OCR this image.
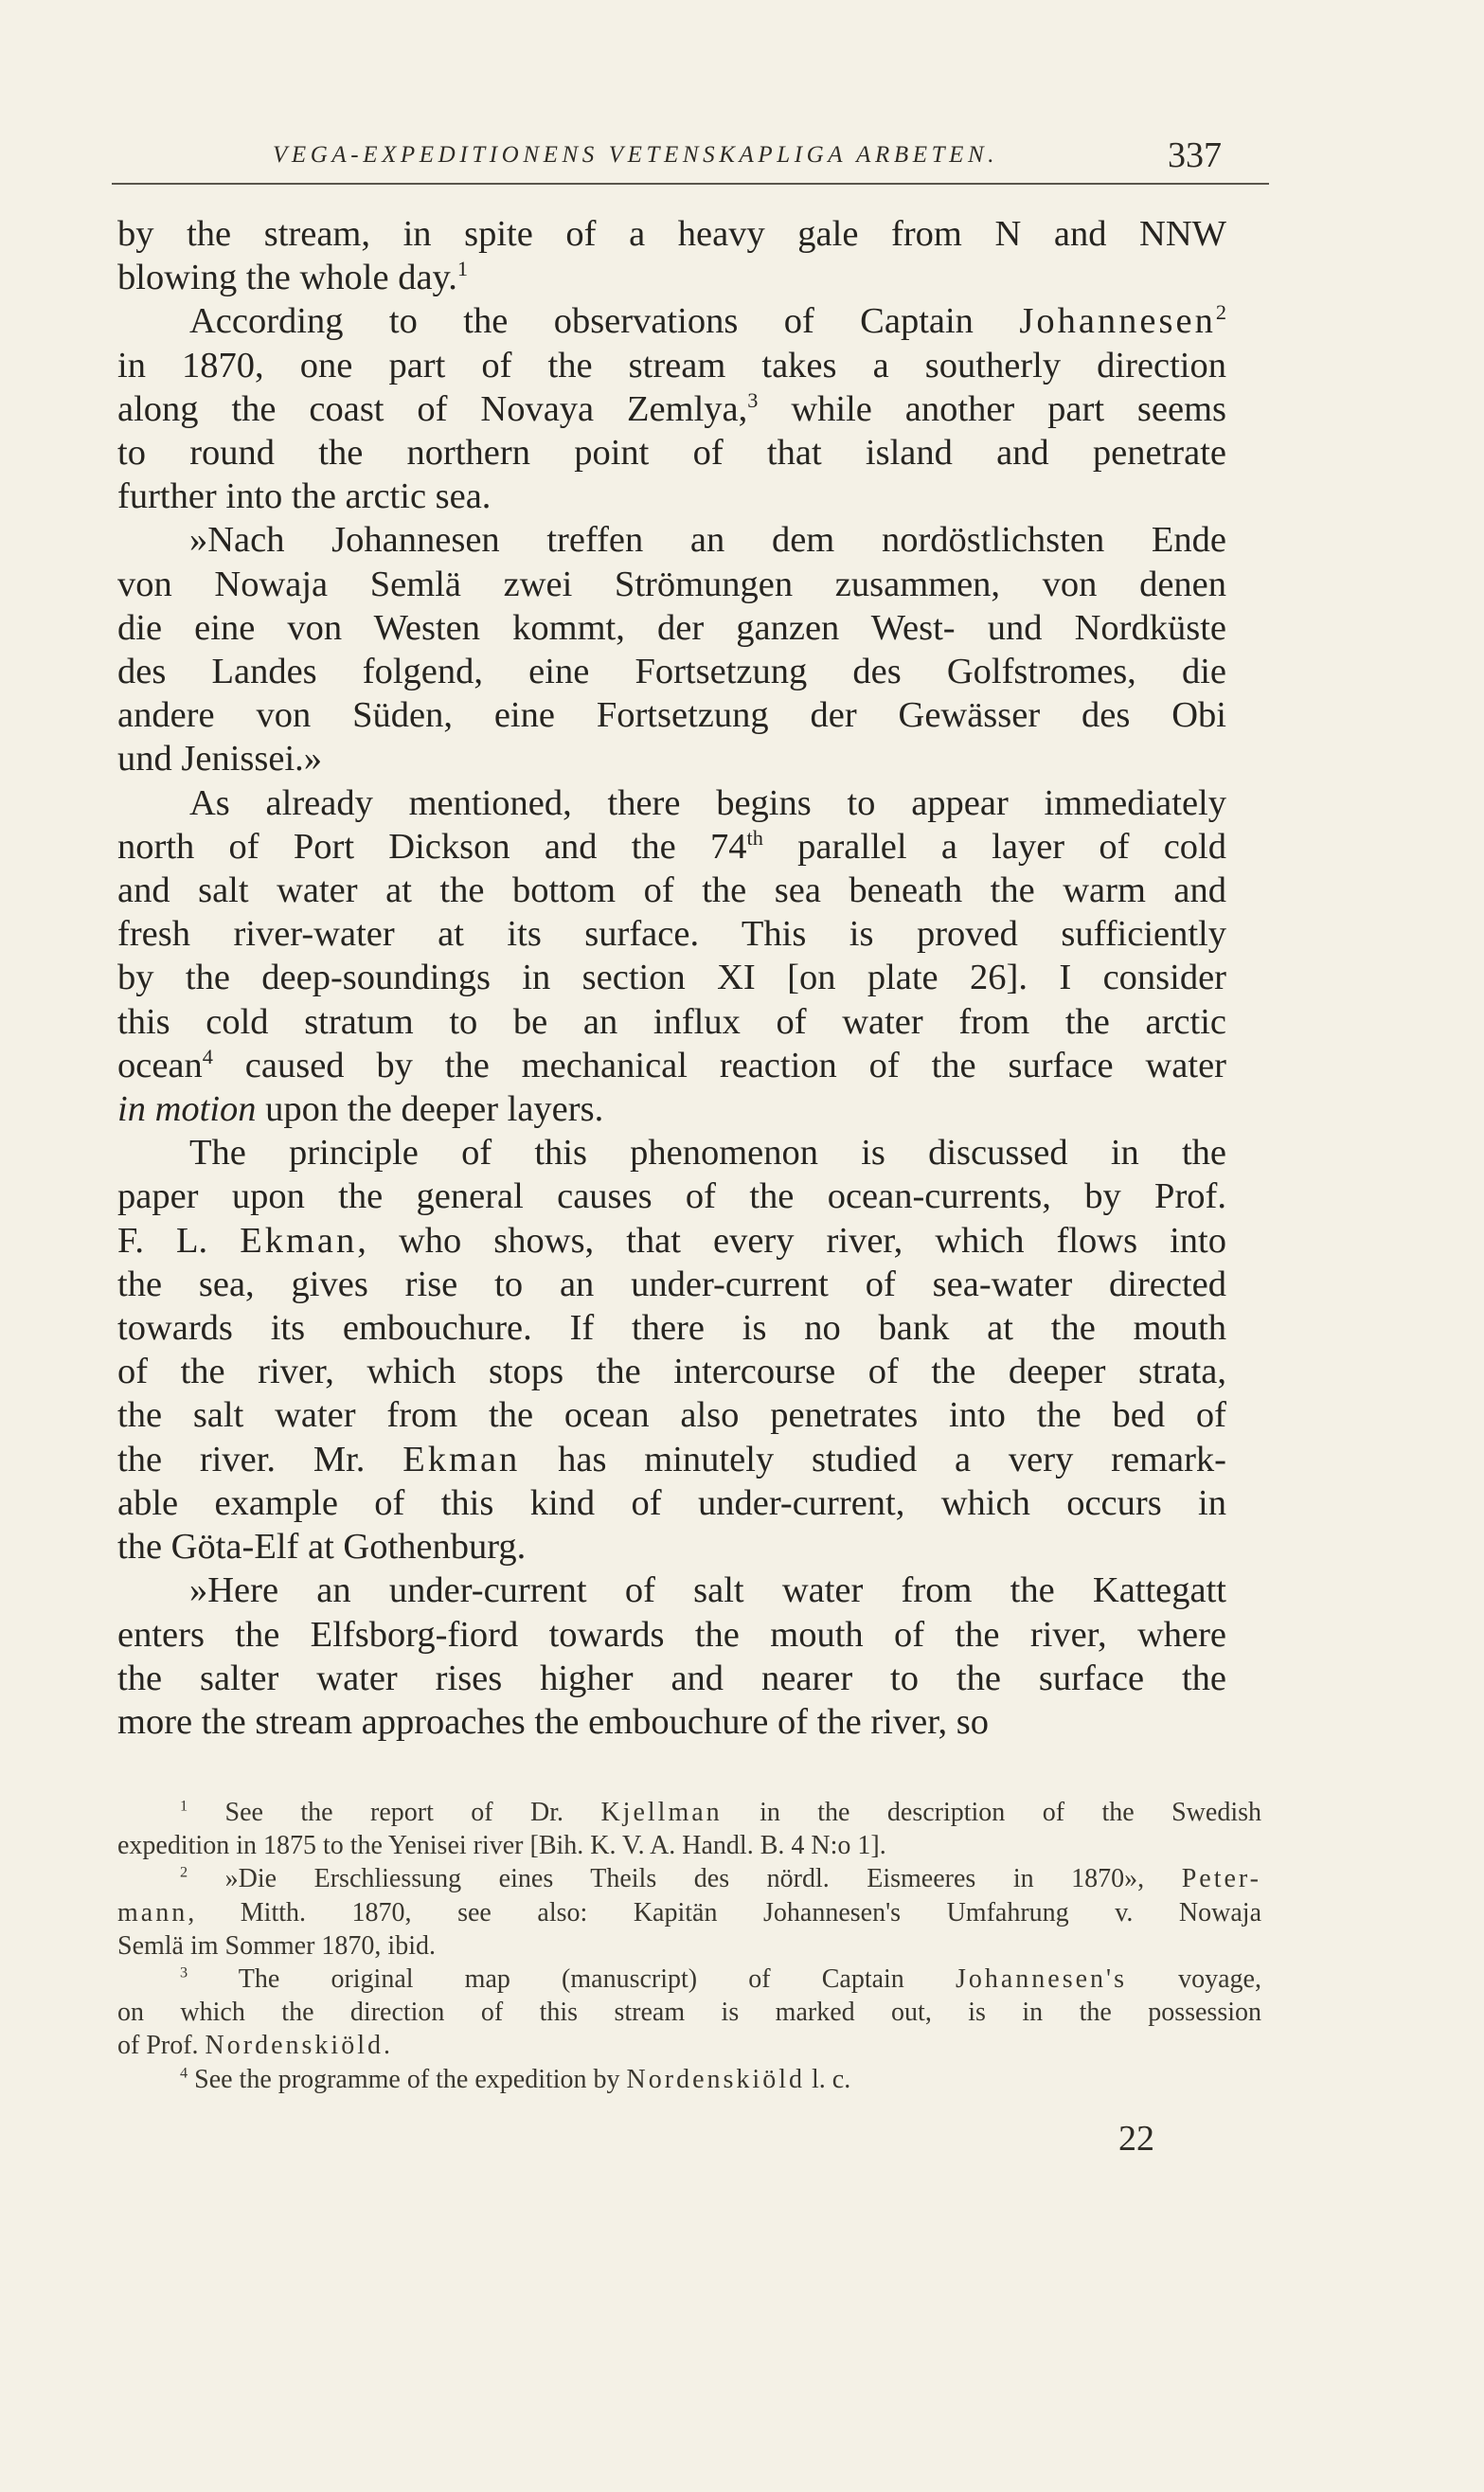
VEGA-EXPEDITIONENS VETENSKAPLIGA ARBETEN.	337
by the stream, in spite of a heavy gale from N and NNW
blowing the whole day.$^1$
According to the observations of Captain Johannesen$^2$
in 1870, one part of the stream takes a southerly direction
along the coast of Novaya Zemlya,$^3$ while another part seems
to round the northern point of that island and penetrate
further into the arctic sea.
»Nach Johannesen treffen an dem nordöstlichsten Ende
von Nowaja Semlä zwei Strömungen zusammen, von denen
die eine von Westen kommt, der ganzen West- und Nordküste
des Landes folgend, eine Fortsetzung des Golfstromes, die
andere von Süden, eine Fortsetzung der Gewässer des Obi
und Jenissei.»
As already mentioned, there begins to appear immediately
north of Port Dickson and the 74th parallel a layer of cold
and salt water at the bottom of the sea beneath the warm and
fresh river-water at its surface. This is proved sufficiently
by the deep-soundings in section XI [on plate 26]. I consider
this cold stratum to be an influx of water from the arctic
ocean$^4$ caused by the mechanical reaction of the surface water
in motion upon the deeper layers.
The principle of this phenomenon is discussed in the
paper upon the general causes of the ocean-currents, by Prof.
F. L. Ekman, who shows, that every river, which flows into
the sea, gives rise to an under-current of sea-water directed
towards its embouchure. If there is no bank at the mouth
of the river, which stops the intercourse of the deeper strata,
the salt water from the ocean also penetrates into the bed of
the river. Mr. Ekman has minutely studied a very remark-
able example of this kind of under-current, which occurs in
the Göta-Elf at Gothenburg.
»Here an under-current of salt water from the Kattegatt
enters the Elfsborg-fiord towards the mouth of the river, where
the salter water rises higher and nearer to the surface the
more the stream approaches the embouchure of the river, so
$^1$ See the report of Dr. Kjellman in the description of the Swedish
expedition in 1875 to the Yenisei river [Bih. K. V. A. Handl. B. 4 N:o 1].
$^2$ »Die Erschliessung eines Theils des nördl. Eismeeres in 1870», Peter-
mann, Mitth. 1870, see also: Kapitän Johannesen's Umfahrung v. Nowaja
Semlä im Sommer 1870, ibid.
$^3$ The original map (manuscript) of Captain Johannesen's voyage,
on which the direction of this stream is marked out, is in the possession
of Prof. Nordenskiöld.
$^4$ See the programme of the expedition by Nordenskiöld l. c.
22
